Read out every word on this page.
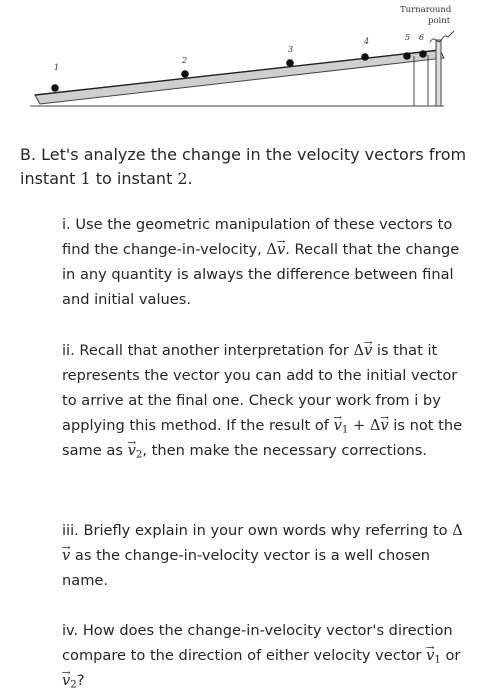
1
2
3
4	5 6
Turnaround
point

B. Let's analyze the change in the velocity vectors from instant 1 to instant 2.

i. Use the geometric manipulation of these vectors to find the change-in-velocity, Δ→ v. Recall that the change in any quantity is always the difference between final and initial values.

ii. Recall that another interpretation for Δ→ v is that it represents the vector you can add to the initial vector to arrive at the final one. Check your work from i by applying this method. If the result of → $v_1 + \Delta\to v$ is not the same as → $v_2$, then make the necessary corrections.

iii. Briefly explain in your own words why referring to Δ→ v as the change-in-velocity vector is a well chosen name.

iv. How does the change-in-velocity vector's direction compare to the direction of either velocity vector → $v_1$ or → $v_2$?
